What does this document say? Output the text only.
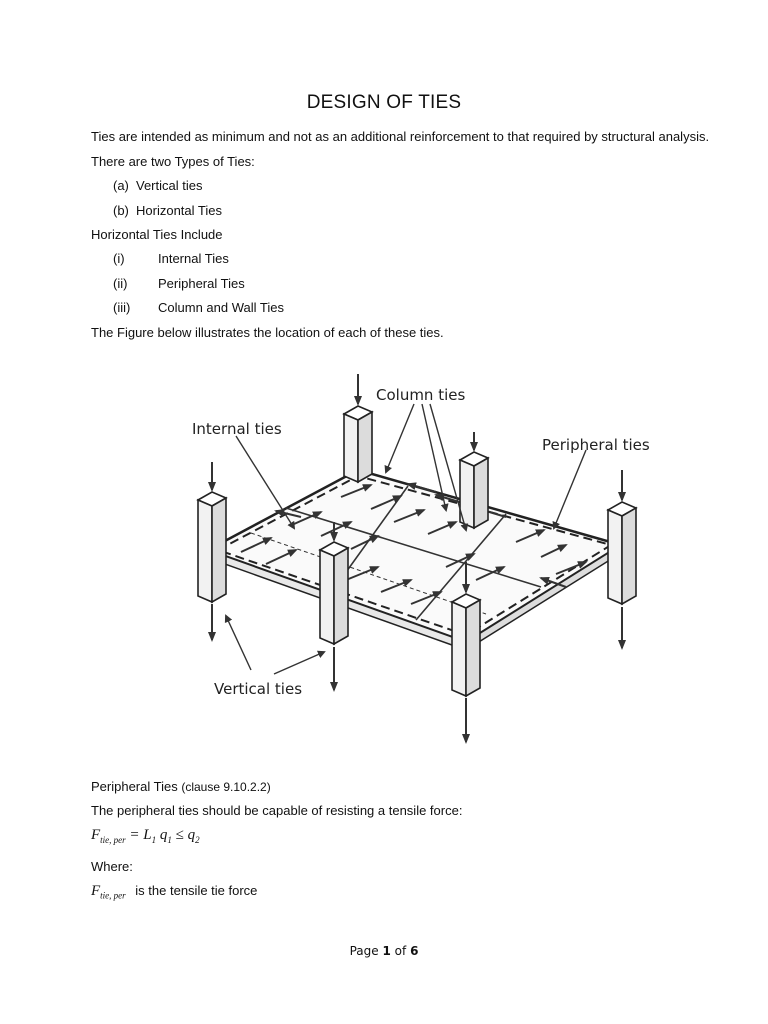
DESIGN OF TIES
Ties are intended as minimum and not as an additional reinforcement to that required by structural analysis.
There are two Types of Ties:
(a) Vertical ties
(b) Horizontal Ties
Horizontal Ties Include
(i)	Internal Ties
(ii) Peripheral Ties
(iii) Column and Wall Ties
The Figure below illustrates the location of each of these ties.
Column ties
Internal ties
Peripheral ties
Vertical ties
Peripheral Ties (clause 9.10.2.2)
The peripheral ties should be capable of resisting a tensile force:
$F_{tie, per} = L_1$ $q_1 \le q_2$
Where:
$F_{tie, per}$ is the tensile tie force
Page 1 of 6
